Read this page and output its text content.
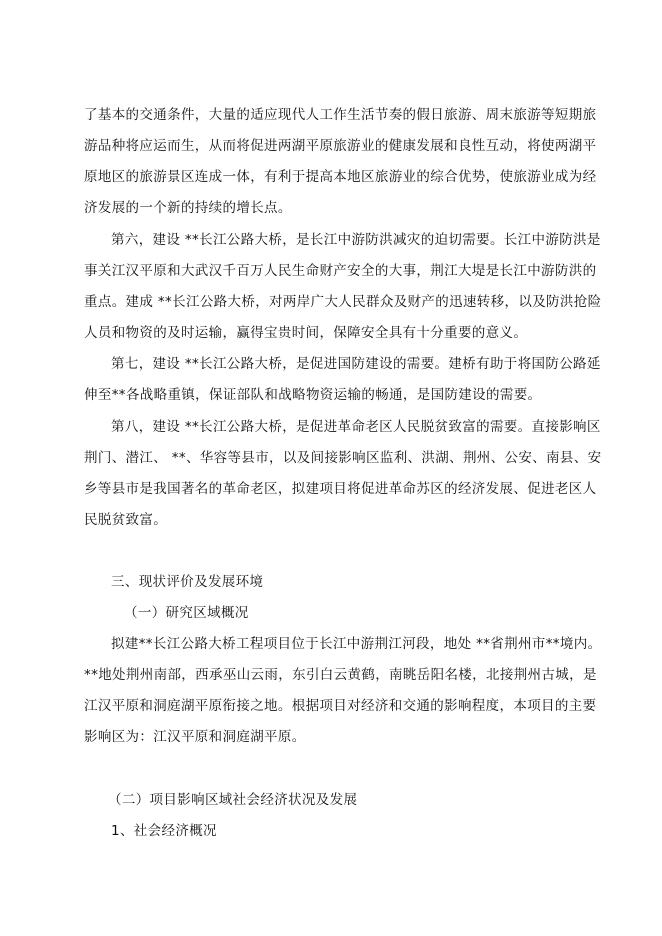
了基本的交通条件，大量的适应现代人工作生活节奏的假日旅游、周末旅游等短期旅
游品种将应运而生，从而将促进两湖平原旅游业的健康发展和良性互动，将使两湖平
原地区的旅游景区连成一体，有利于提高本地区旅游业的综合优势，使旅游业成为经
济发展的一个新的持续的增长点。
第六，建设 **长江公路大桥，是长江中游防洪减灾的迫切需要。长江中游防洪是
事关江汉平原和大武汉千百万人民生命财产安全的大事，荆江大堤是长江中游防洪的
重点。建成 **长江公路大桥，对两岸广大人民群众及财产的迅速转移，以及防洪抢险
人员和物资的及时运输，赢得宝贵时间，保障安全具有十分重要的意义。
第七，建设 **长江公路大桥，是促进国防建设的需要。建桥有助于将国防公路延
伸至**各战略重镇，保证部队和战略物资运输的畅通，是国防建设的需要。
第八，建设 **长江公路大桥，是促进革命老区人民脱贫致富的需要。直接影响区
荆门、潜江、 **、华容等县市，以及间接影响区监利、洪湖、荆州、公安、南县、安
乡等县市是我国著名的革命老区，拟建项目将促进革命苏区的经济发展、促进老区人
民脱贫致富。
三、现状评价及发展环境
（一）研究区域概况
拟建**长江公路大桥工程项目位于长江中游荆江河段，地处 **省荆州市**境内。
**地处荆州南部，西承巫山云雨，东引白云黄鹤，南眺岳阳名楼，北接荆州古城，是
江汉平原和洞庭湖平原衔接之地。根据项目对经济和交通的影响程度，本项目的主要
影响区为：江汉平原和洞庭湖平原。
（二）项目影响区域社会经济状况及发展
1、社会经济概况
